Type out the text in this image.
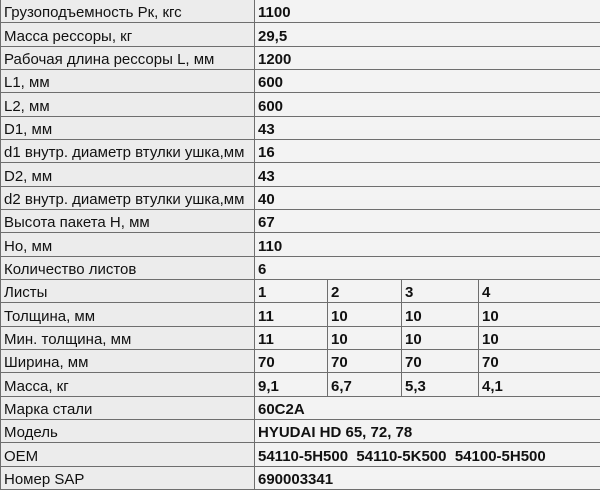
Грузоподъемность Рк, кгс	1100			
Масса рессоры, кг	29,5			
Рабочая длина рессоры L, мм	1200			
L1, мм	600			
L2, мм	600			
D1, мм	43			
d1 внутр. диаметр втулки ушка,мм	16			
D2, мм	43			
d2 внутр. диаметр втулки ушка,мм	40			
Высота пакета H, мм	67			
Hо, мм	110			
Количество листов	6			
Листы	1	2	3	4
Толщина, мм	11	10	10	10
Мин. толщина, мм	11	10	10	10
Ширина, мм	70	70	70	70
Масса, кг	9,1	6,7	5,3	4,1
Марка стали	60С2А			
Модель	HYUDAI HD 65, 72, 78			
OEM	54110-5H500  54110-5K500  54100-5H500			
Номер SAP	690003341			
